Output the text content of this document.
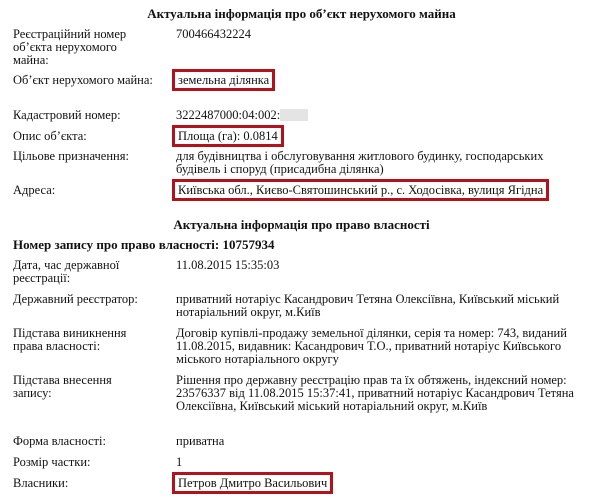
Актуальна інформація про об’єкт нерухомого майна
Реєстраційний номер об’єкта нерухомого майна:
700466432224
Об’єкт нерухомого майна: земельна ділянка
Кадастровий номер:	3222487000:04:002:
Опис об’єкта:	Площа (га): 0.0814
Цільове призначення:	для будівництва і обслуговування житлового будинку, господарських будівель і споруд (присадибна ділянка)
Адреса:	Київська обл., Києво-Святошинський р., с. Ходосівка, вулиця Ягідна
Актуальна інформація про право власності
Номер запису про право власності: 10757934
Дата, час державної реєстрації:
11.08.2015 15:35:03
Державний реєстратор:	приватний нотаріус Касандрович Тетяна Олексіївна, Київський міський нотаріальний округ, м.Київ
Підстава виникнення права власності:
Договір купівлі-продажу земельної ділянки, серія та номер: 743, виданий 11.08.2015, видавник: Касандрович Т.О., приватний нотаріус Київського міського нотаріального округу
Підстава внесення запису:
Рішення про державну реєстрацію прав та їх обтяжень, індексний номер: 23576337 від 11.08.2015 15:37:41, приватний нотаріус Касандрович Тетяна Олексіївна, Київський міський нотаріальний округ, м.Київ
Форма власності:	приватна
Розмір частки:	1
Власники:	Петров Дмитро Васильович
